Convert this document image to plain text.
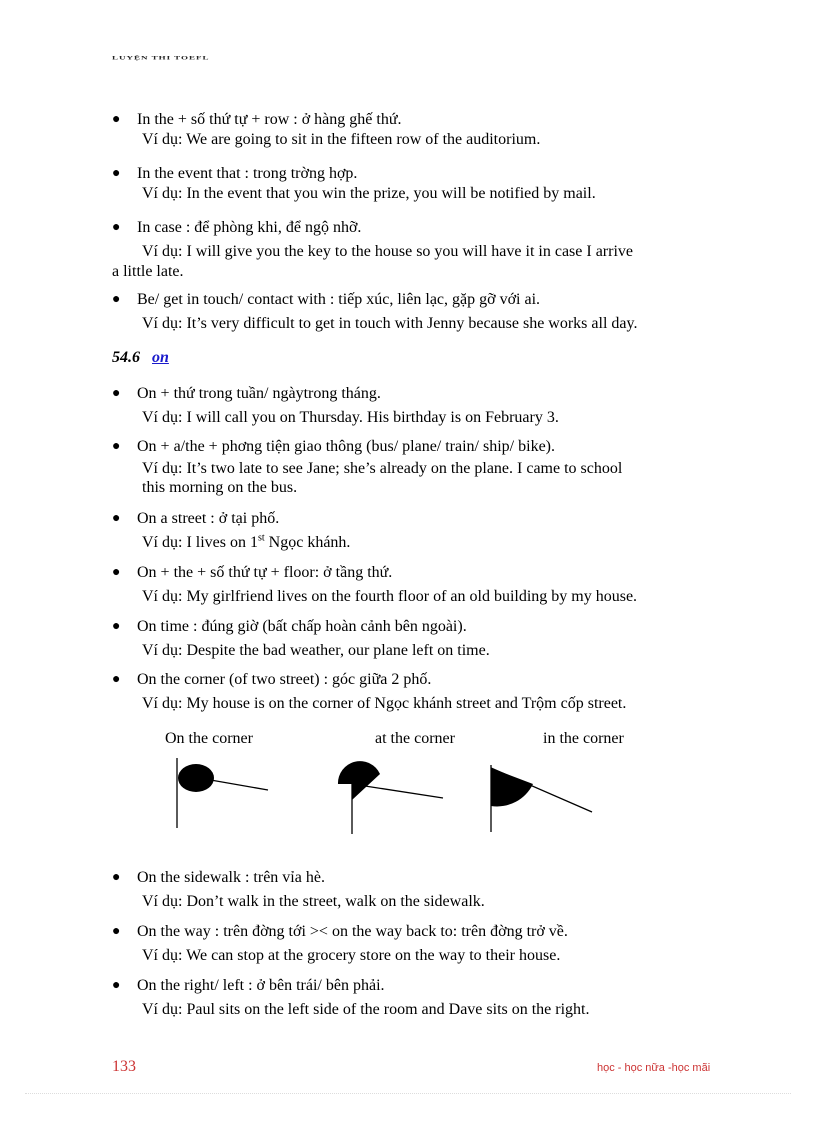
LUYỆN THI TOEFL
● In the + số thứ tự + row : ở hàng ghế thứ.
Ví dụ: We are going to sit in the fifteen row of the auditorium.
● In the event that : trong trờng hợp.
Ví dụ: In the event that you win the prize, you will be notified by mail.
● In case : để phòng khi, để ngộ nhỡ.
Ví dụ: I will give you the key to the house so you will have it in case I arrive
a little late.
● Be/ get in touch/ contact with : tiếp xúc, liên lạc, gặp gỡ với ai.
Ví dụ: It’s very difficult to get in touch with Jenny because she works all day.
54.6 on
● On + thứ trong tuần/ ngàytrong tháng.
Ví dụ: I will call you on Thursday. His birthday is on February 3.
● On + a/the + phơng tiện giao thông (bus/ plane/ train/ ship/ bike).
Ví dụ: It’s two late to see Jane; she’s already on the plane. I came to school
this morning on the bus.
● On a street : ở tại phố.
Ví dụ: I lives on 1st Ngọc khánh.
● On + the + số thứ tự + floor: ở tầng thứ.
Ví dụ: My girlfriend lives on the fourth floor of an old building by my house.
● On time : đúng giờ (bất chấp hoàn cảnh bên ngoài).
Ví dụ: Despite the bad weather, our plane left on time.
● On the corner (of two street) : góc giữa 2 phố.
Ví dụ: My house is on the corner of Ngọc khánh street and Trộm cốp street.
On the corner	at the corner	in the corner
● On the sidewalk : trên vỉa hè.
Ví dụ: Don’t walk in the street, walk on the sidewalk.
● On the way : trên đờng tới >< on the way back to: trên đờng trở về.
Ví dụ: We can stop at the grocery store on the way to their house.
● On the right/ left : ở bên trái/ bên phải.
Ví dụ: Paul sits on the left side of the room and Dave sits on the right.
133	học - học nữa -học mãi
